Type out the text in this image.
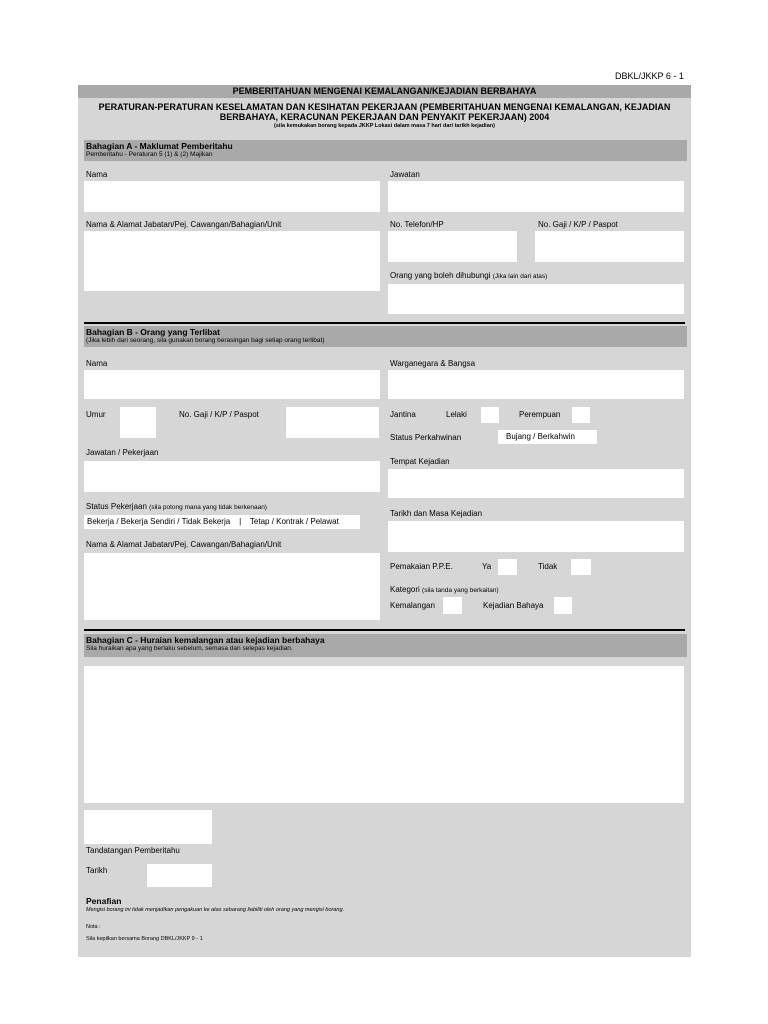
DBKL/JKKP 6 - 1
PEMBERITAHUAN MENGENAI KEMALANGAN/KEJADIAN BERBAHAYA
PERATURAN-PERATURAN KESELAMATAN DAN KESIHATAN PEKERJAAN (PEMBERITAHUAN MENGENAI KEMALANGAN, KEJADIAN BERBAHAYA, KERACUNAN PEKERJAAN DAN PENYAKIT PEKERJAAN) 2004
(sila kemukakan borang kepada JKKP Lokasi dalam masa 7 hari dari tarikh kejadian)
Bahagian A - Maklumat Pemberitahu
Pemberitahu - Peraturan 5 (1) & (2) Majikan
Nama	Jawatan
Nama & Alamat Jabatan/Pej. Cawangan/Bahagian/Unit	No. Telefon/HP	No. Gaji / K/P / Paspot
Orang yang boleh dihubungi (Jika lain dari atas)
Bahagian B - Orang yang Terlibat
(Jika lebih dari seorang, sila gunakan borang berasingan bagi setiap orang terlibat)
Nama	Warganegara & Bangsa
Umur	No. Gaji / K/P / Paspot	Jantina	Lelaki	Perempuan
Status Perkahwinan	Bujang / Berkahwin
Jawatan / Pekerjaan
Tempat Kejadian
Status Pekerjaan (sila potong mana yang tidak berkenaan)
Bekerja / Bekerja Sendiri / Tidak Bekerja    |    Tetap / Kontrak / Pelawat
Tarikh dan Masa Kejadian
Nama & Alamat Jabatan/Pej. Cawangan/Bahagian/Unit
Pemakaian P.P.E.	Ya	Tidak
Kategori (sila tanda yang berkaitan)
Kemalangan	Kejadian Bahaya
Bahagian C - Huraian kemalangan atau kejadian berbahaya
Sila huraikan apa yang berlaku sebelum, semasa dan selepas kejadian.
Tandatangan Pemberitahu
Tarikh
Penafian
Mengisi borang ini tidak menjadikan pengakuan ke atas sebarang liabiliti oleh orang yang mengisi borang.
Nota :
Sila kepilkan bersama Borang DBKL/JKKP 9 - 1
